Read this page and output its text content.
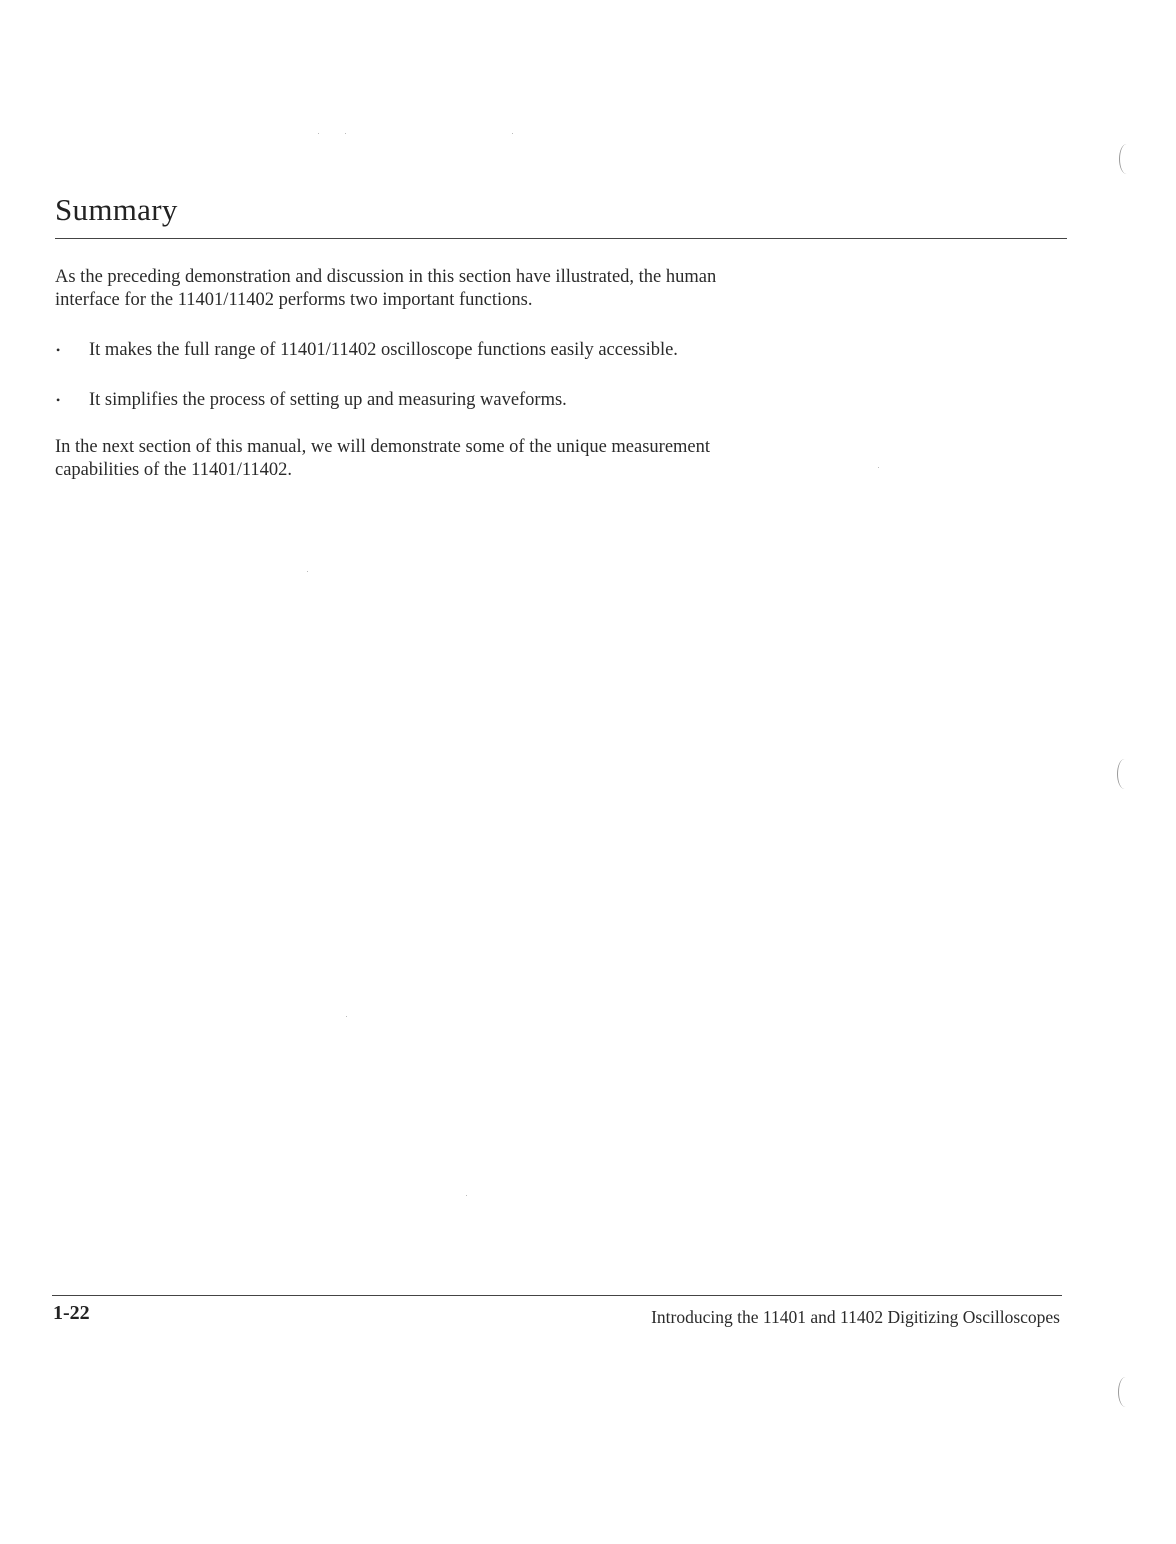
Summary

As the preceding demonstration and discussion in this section have illustrated, the human interface for the 11401/11402 performs two important functions.

• It makes the full range of 11401/11402 oscilloscope functions easily accessible.
• It simplifies the process of setting up and measuring waveforms.

In the next section of this manual, we will demonstrate some of the unique measurement capabilities of the 11401/11402.

1-22	Introducing the 11401 and 11402 Digitizing Oscilloscopes
